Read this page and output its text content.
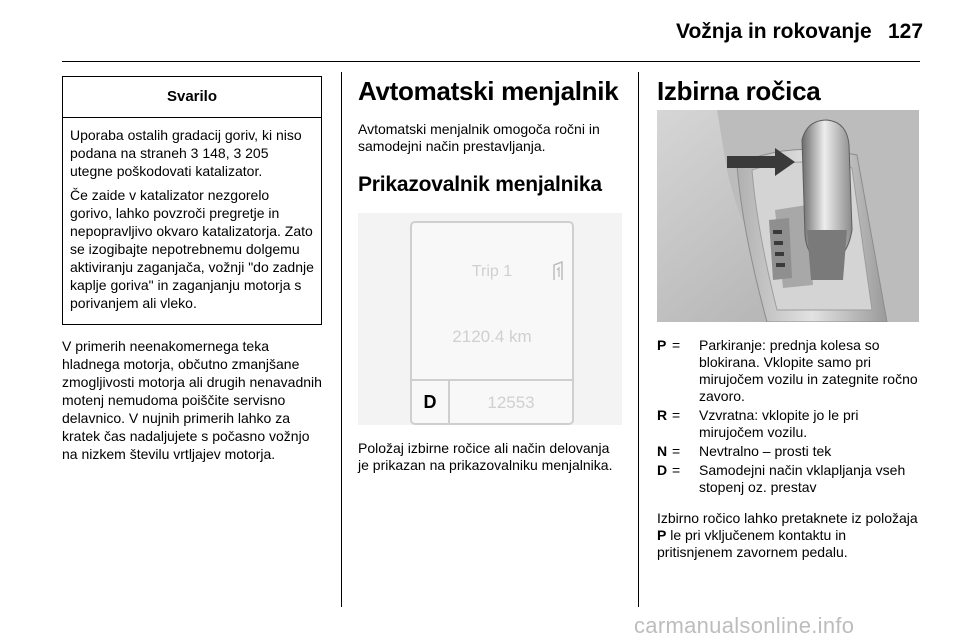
Vožnja in rokovanje 127
Svarilo

Uporaba ostalih gradacij goriv, ki niso podana na straneh 3 148, 3 205 utegne poškodovati katalizator.

Če zaide v katalizator nezgorelo gorivo, lahko povzroči pregretje in nepopravljivo okvaro katalizatorja. Zato se izogibajte nepotrebnemu dolgemu aktiviranju zaganjača, vožnji "do zadnje kaplje goriva" in zaganjanju motorja s porivanjem ali vleko.

V primerih neenakomernega teka hladnega motorja, občutno zmanjšane zmogljivosti motorja ali drugih nenavadnih motenj nemudoma poiščite servisno delavnico. V nujnih primerih lahko za kratek čas nadaljujete s počasno vožnjo na nizkem številu vrtljajev motorja.

Avtomatski menjalnik

Avtomatski menjalnik omogoča ročni in samodejni način prestavljanja.

Prikazovalnik menjalnika
Trip 1
2120.4 km
D	12553
Položaj izbirne ročice ali način delovanja je prikazan na prikazovalniku menjalnika.
Izbirna ročica
P = Parkiranje: prednja kolesa so blokirana. Vklopite samo pri mirujočem vozilu in zategnite ročno zavoro.
R = Vzvratna: vklopite jo le pri mirujočem vozilu.
N = Nevtralno – prosti tek
D = Samodejni način vklapljanja vseh stopenj oz. prestav
Izbirno ročico lahko pretaknete iz položaja P le pri vključenem kontaktu in pritisnjenem zavornem pedalu.
carmanualsonline.info
